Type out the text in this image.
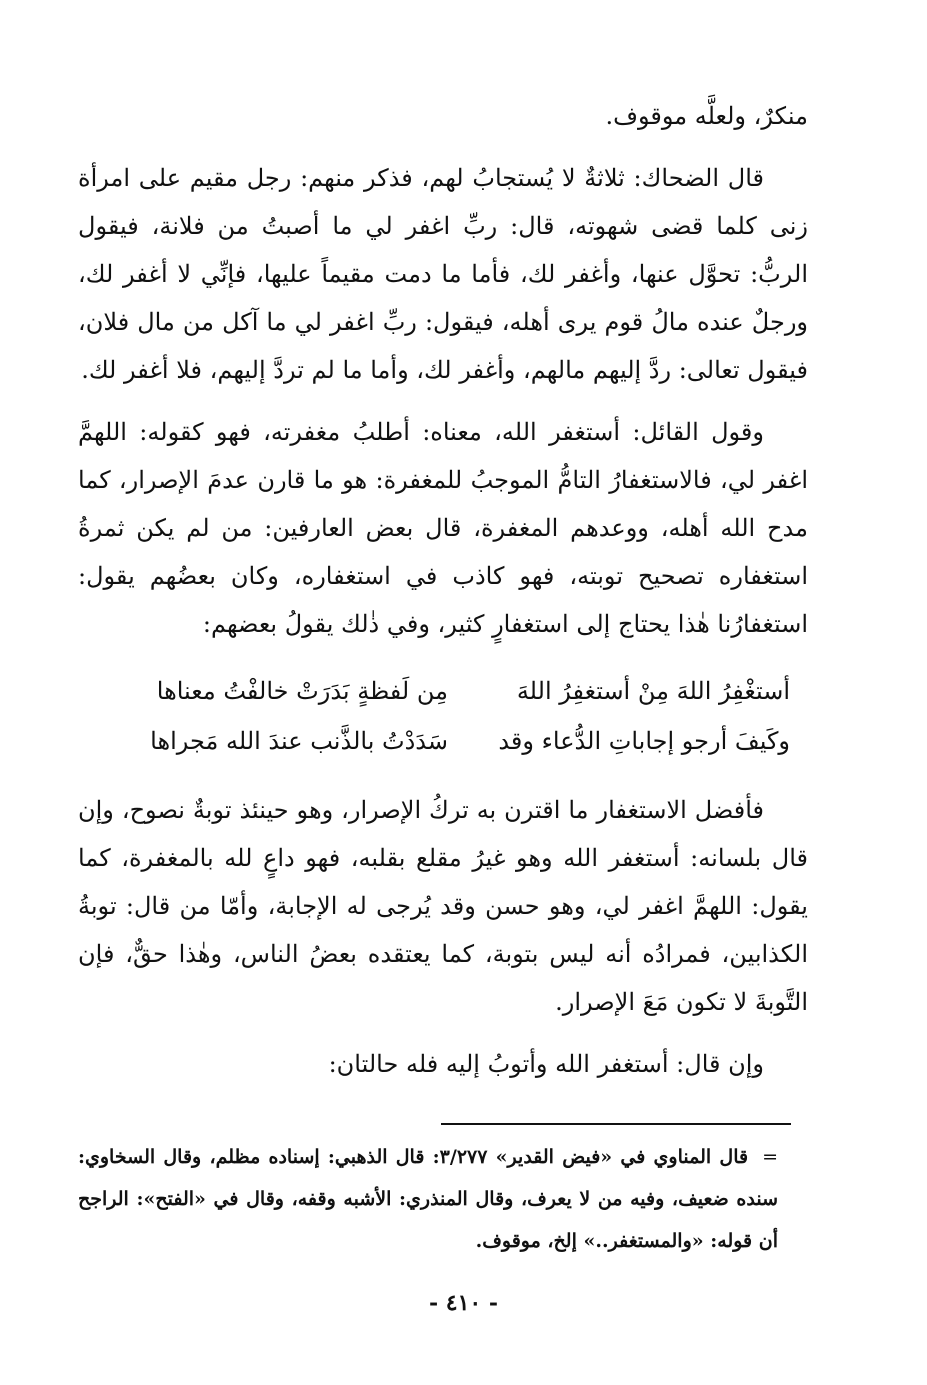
منكرٌ، ولعلَّه موقوف.

قال الضحاك: ثلاثةٌ لا يُستجابُ لهم، فذكر منهم: رجل مقيم على امرأة زنى كلما قضى شهوته، قال: ربِّ اغفر لي ما أصبتُ من فلانة، فيقول الربُّ: تحوَّل عنها، وأغفر لك، فأما ما دمت مقيماً عليها، فإنِّي لا أغفر لك، ورجلٌ عنده مالُ قوم يرى أهله، فيقول: ربِّ اغفر لي ما آكل من مال فلان، فيقول تعالى: ردَّ إليهم مالهم، وأغفر لك، وأما ما لم تردَّ إليهم، فلا أغفر لك.

وقول القائل: أستغفر الله، معناه: أطلبُ مغفرته، فهو كقوله: اللهمَّ اغفر لي، فالاستغفارُ التامُّ الموجبُ للمغفرة: هو ما قارن عدمَ الإصرار، كما مدح الله أهله، ووعدهم المغفرة، قال بعض العارفين: من لم يكن ثمرةُ استغفاره تصحيح توبته، فهو كاذب في استغفاره، وكان بعضُهم يقول: استغفارُنا هٰذا يحتاج إلى استغفارٍ كثير، وفي ذٰلك يقولُ بعضهم:

أستغْفِرُ اللهَ مِنْ أستغفِرُ اللهَ
مِن لَفظةٍ بَدَرَتْ خالفْتُ معناها
وكَيفَ أرجو إجاباتِ الدُّعاء وقد
سَدَدْتُ بالذَّنب عندَ الله مَجراها

فأفضل الاستغفار ما اقترن به تركُ الإصرار، وهو حينئذ توبةٌ نصوح، وإن قال بلسانه: أستغفر الله وهو غيرُ مقلع بقلبه، فهو داعٍ لله بالمغفرة، كما يقول: اللهمَّ اغفر لي، وهو حسن وقد يُرجى له الإجابة، وأمّا من قال: توبةُ الكذابين، فمرادُه أنه ليس بتوبة، كما يعتقده بعضُ الناس، وهٰذا حقٌّ، فإن التَّوبةَ لا تكون مَعَ الإصرار.

وإن قال: أستغفر الله وأتوبُ إليه فله حالتان:

=قال المناوي في «فيض القدير» ٣/٢٧٧: قال الذهبي: إسناده مظلم، وقال السخاوي: سنده ضعيف، وفيه من لا يعرف، وقال المنذري: الأشبه وقفه، وقال في «الفتح»: الراجح أن قوله: «والمستغفر..» إلخ، موقوف.
- ٤١٠ -
